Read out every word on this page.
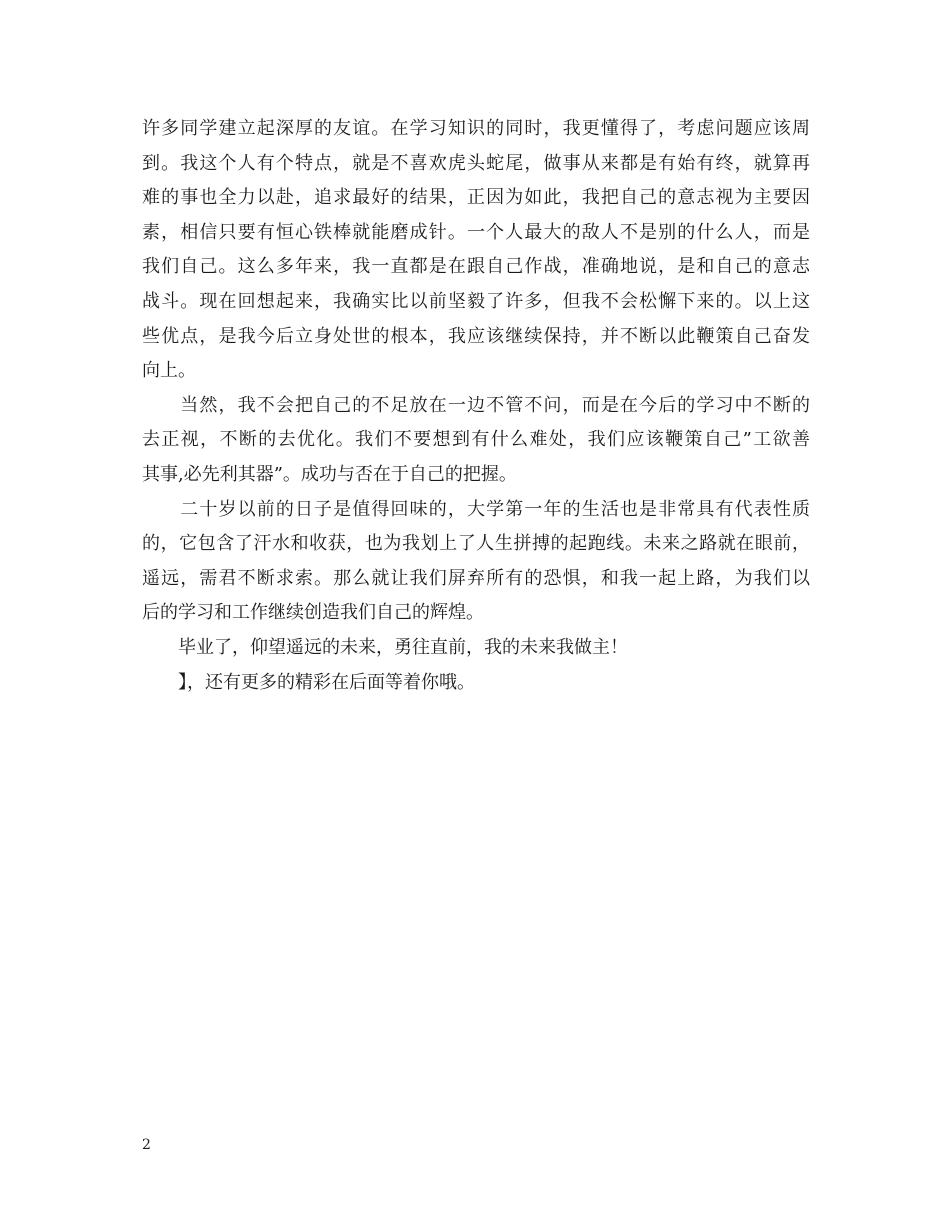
许多同学建立起深厚的友谊。在学习知识的同时，我更懂得了，考虑问题应该周
到。我这个人有个特点，就是不喜欢虎头蛇尾，做事从来都是有始有终，就算再
难的事也全力以赴，追求最好的结果，正因为如此，我把自己的意志视为主要因
素，相信只要有恒心铁棒就能磨成针。一个人最大的敌人不是别的什么人，而是
我们自己。这么多年来，我一直都是在跟自己作战，准确地说，是和自己的意志
战斗。现在回想起来，我确实比以前坚毅了许多，但我不会松懈下来的。以上这
些优点，是我今后立身处世的根本，我应该继续保持，并不断以此鞭策自己奋发
向上。
　　当然，我不会把自己的不足放在一边不管不问，而是在今后的学习中不断的
去正视，不断的去优化。我们不要想到有什么难处，我们应该鞭策自己”工欲善
其事,必先利其器”。成功与否在于自己的把握。
　　二十岁以前的日子是值得回味的，大学第一年的生活也是非常具有代表性质
的，它包含了汗水和收获，也为我划上了人生拼搏的起跑线。未来之路就在眼前，
遥远，需君不断求索。那么就让我们屏弃所有的恐惧，和我一起上路，为我们以
后的学习和工作继续创造我们自己的辉煌。
　　毕业了，仰望遥远的未来，勇往直前，我的未来我做主！
　　】，还有更多的精彩在后面等着你哦。
2
